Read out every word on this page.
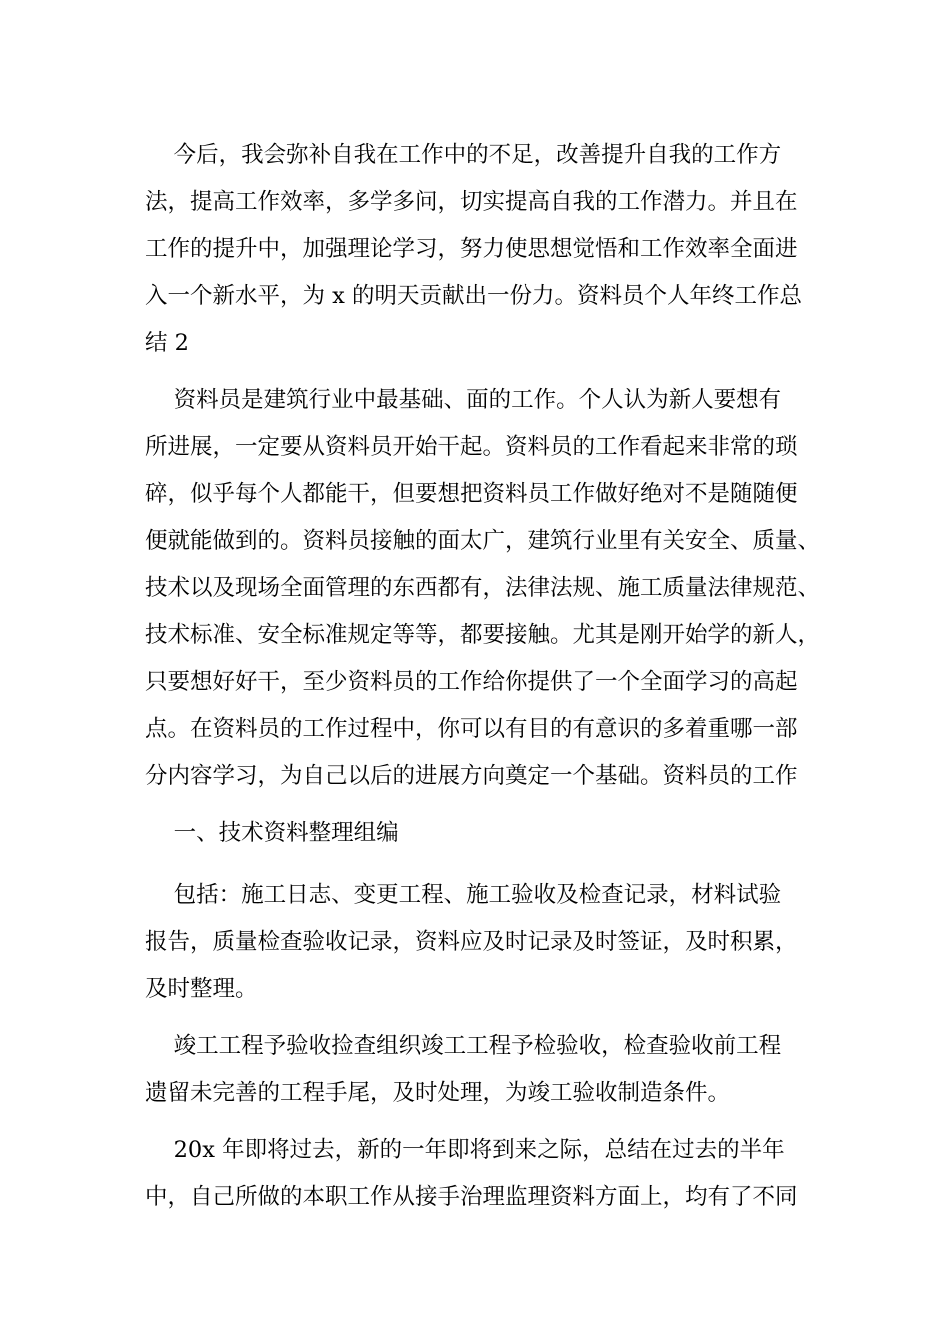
今后，我会弥补自我在工作中的不足，改善提升自我的工作方

法，提高工作效率，多学多问，切实提高自我的工作潜力。并且在

工作的提升中，加强理论学习，努力使思想觉悟和工作效率全面进

入一个新水平，为 x 的明天贡献出一份力。资料员个人年终工作总

结 2

资料员是建筑行业中最基础、面的工作。个人认为新人要想有

所进展，一定要从资料员开始干起。资料员的工作看起来非常的琐

碎，似乎每个人都能干，但要想把资料员工作做好绝对不是随随便

便就能做到的。资料员接触的面太广，建筑行业里有关安全、质量、

技术以及现场全面管理的东西都有，法律法规、施工质量法律规范、

技术标准、安全标准规定等等，都要接触。尤其是刚开始学的新人，

只要想好好干，至少资料员的工作给你提供了一个全面学习的高起

点。在资料员的工作过程中，你可以有目的有意识的多着重哪一部

分内容学习，为自己以后的进展方向奠定一个基础。资料员的工作

一、技术资料整理组编

包括：施工日志、变更工程、施工验收及检查记录，材料试验

报告，质量检查验收记录，资料应及时记录及时签证，及时积累，

及时整理。

竣工工程予验收捡查组织竣工工程予检验收，检查验收前工程

遗留未完善的工程手尾，及时处理，为竣工验收制造条件。

20x 年即将过去，新的一年即将到来之际，总结在过去的半年

中，自己所做的本职工作从接手治理监理资料方面上，均有了不同
